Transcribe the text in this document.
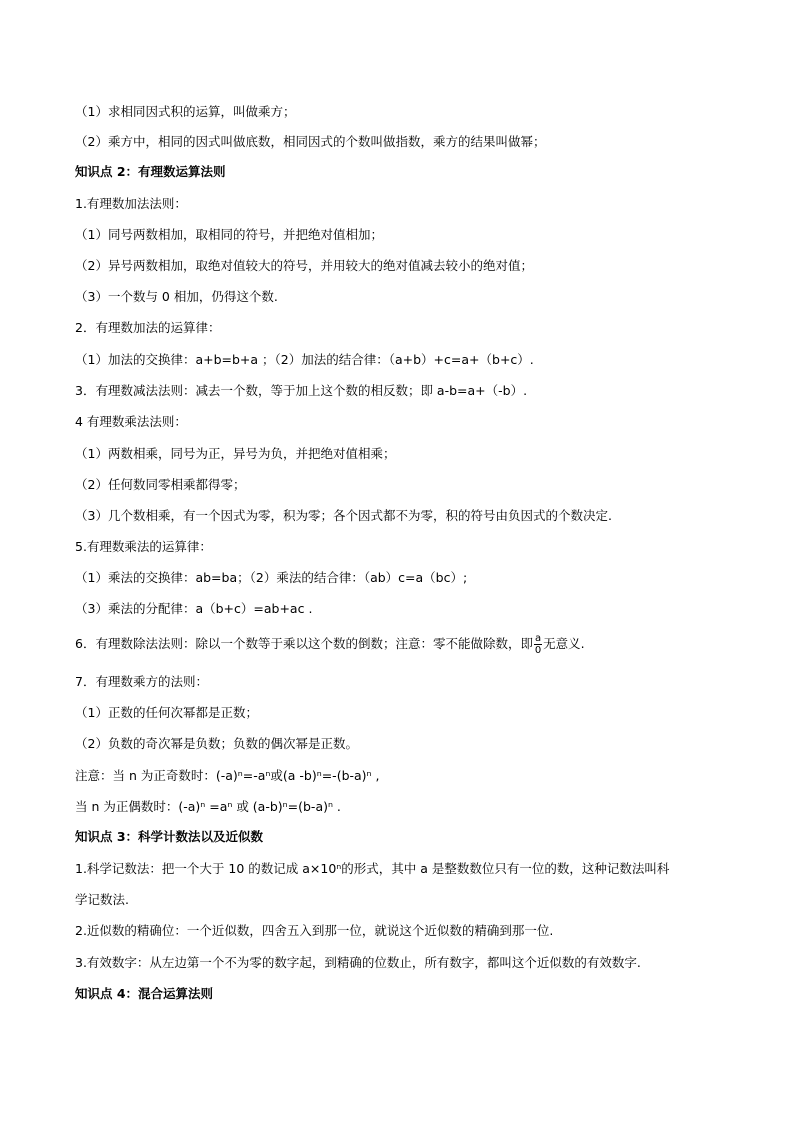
（1）求相同因式积的运算，叫做乘方；
（2）乘方中，相同的因式叫做底数，相同因式的个数叫做指数，乘方的结果叫做幂；
知识点 2：有理数运算法则
1.有理数加法法则：
（1）同号两数相加，取相同的符号，并把绝对值相加；
（2）异号两数相加，取绝对值较大的符号，并用较大的绝对值减去较小的绝对值；
（3）一个数与 0 相加，仍得这个数.
2．有理数加法的运算律：
（1）加法的交换律：a+b=b+a ；（2）加法的结合律：（a+b）+c=a+（b+c）.
3．有理数减法法则：减去一个数，等于加上这个数的相反数；即 a-b=a+（-b）.
4 有理数乘法法则：
（1）两数相乘，同号为正，异号为负，并把绝对值相乘；
（2）任何数同零相乘都得零；
（3）几个数相乘，有一个因式为零，积为零；各个因式都不为零，积的符号由负因式的个数决定.
5.有理数乘法的运算律：
（1）乘法的交换律：ab=ba；（2）乘法的结合律：（ab）c=a（bc）;
（3）乘法的分配律：a（b+c）=ab+ac .
6．有理数除法法则：除以一个数等于乘以这个数的倒数；注意：零不能做除数，即 $\frac{a}{0}$ 无意义.
7．有理数乘方的法则：
（1）正数的任何次幂都是正数；
（2）负数的奇次幂是负数；负数的偶次幂是正数。
注意：当 n 为正奇数时：(-a)ⁿ=-aⁿ或(a -b)ⁿ=-(b-a)ⁿ ,
当 n 为正偶数时：(-a)ⁿ =aⁿ 或 (a-b)ⁿ=(b-a)ⁿ .
知识点 3：科学计数法以及近似数
1.科学记数法：把一个大于 10 的数记成 a×10ⁿ的形式，其中 a 是整数数位只有一位的数，这种记数法叫科
学记数法.
2.近似数的精确位：一个近似数，四舍五入到那一位，就说这个近似数的精确到那一位.
3.有效数字：从左边第一个不为零的数字起，到精确的位数止，所有数字，都叫这个近似数的有效数字.
知识点 4：混合运算法则
